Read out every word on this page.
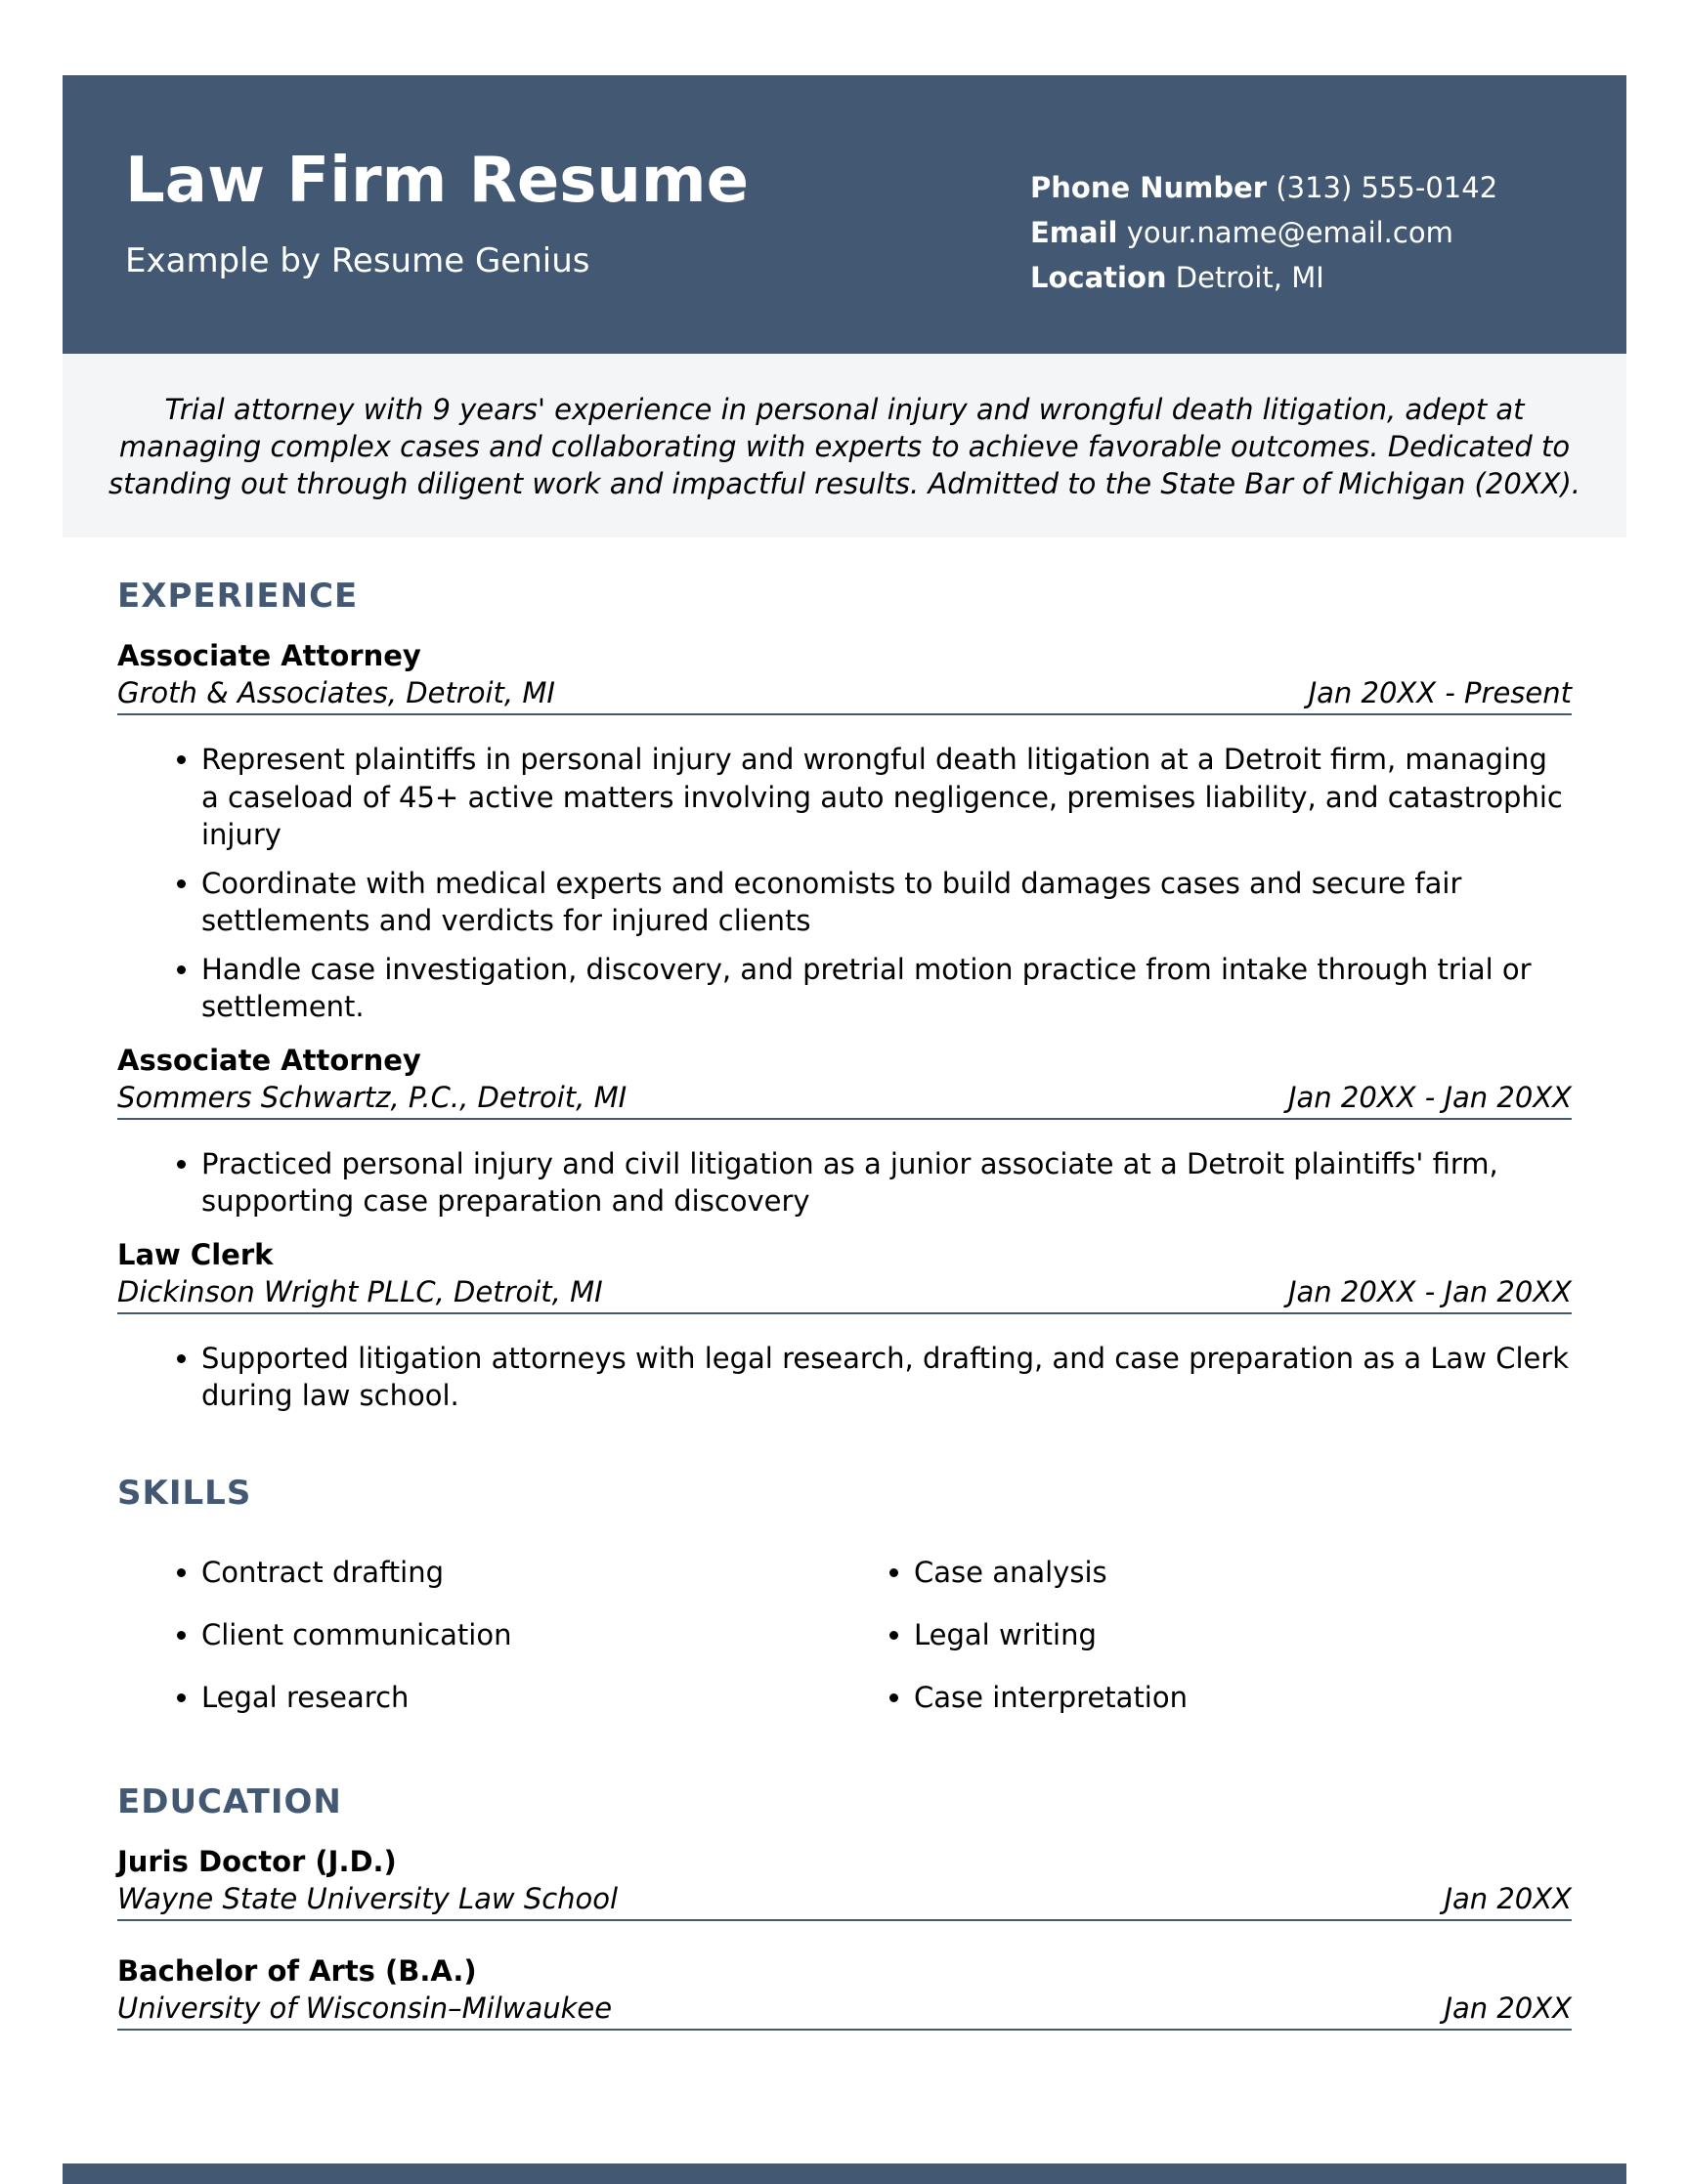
Law Firm Resume
Example by Resume Genius
Phone Number (313) 555-0142
Email your.name@email.com
Location Detroit, MI
Trial attorney with 9 years' experience in personal injury and wrongful death litigation, adept at managing complex cases and collaborating with experts to achieve favorable outcomes. Dedicated to standing out through diligent work and impactful results. Admitted to the State Bar of Michigan (20XX).
EXPERIENCE
Associate Attorney
Groth & Associates, Detroit, MI	Jan 20XX - Present
• Represent plaintiffs in personal injury and wrongful death litigation at a Detroit firm, managing a caseload of 45+ active matters involving auto negligence, premises liability, and catastrophic injury
• Coordinate with medical experts and economists to build damages cases and secure fair settlements and verdicts for injured clients
• Handle case investigation, discovery, and pretrial motion practice from intake through trial or settlement.
Associate Attorney
Sommers Schwartz, P.C., Detroit, MI	Jan 20XX - Jan 20XX
• Practiced personal injury and civil litigation as a junior associate at a Detroit plaintiffs' firm, supporting case preparation and discovery
Law Clerk
Dickinson Wright PLLC, Detroit, MI	Jan 20XX - Jan 20XX
• Supported litigation attorneys with legal research, drafting, and case preparation as a Law Clerk during law school.
SKILLS
• Contract drafting
• Client communication
• Legal research
• Case analysis
• Legal writing
• Case interpretation
EDUCATION
Juris Doctor (J.D.)
Wayne State University Law School	Jan 20XX
Bachelor of Arts (B.A.)
University of Wisconsin–Milwaukee	Jan 20XX
